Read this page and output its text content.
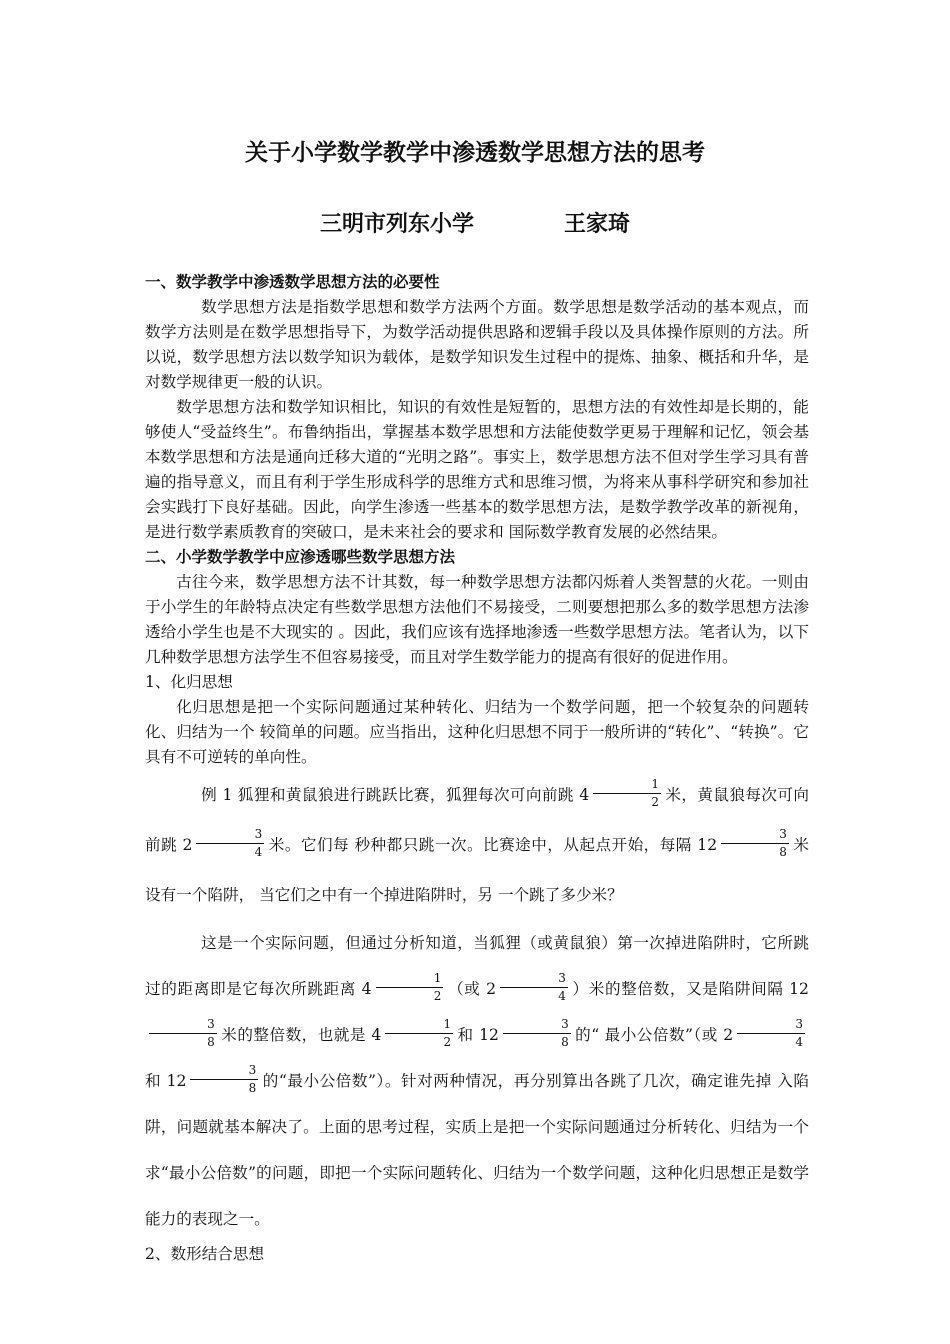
关于小学数学教学中渗透数学思想方法的思考
三明市列东小学	王家琦

一、数学教学中渗透数学思想方法的必要性

数学思想方法是指数学思想和数学方法两个方面。数学思想是数学活动的基本观点，而数学方法则是在数学思想指导下，为数学活动提供思路和逻辑手段以及具体操作原则的方法。所以说，数学思想方法以数学知识为载体，是数学知识发生过程中的提炼、抽象、概括和升华，是对数学规律更一般的认识。

数学思想方法和数学知识相比，知识的有效性是短暂的，思想方法的有效性却是长期的，能够使人“受益终生”。布鲁纳指出，掌握基本数学思想和方法能使数学更易于理解和记忆，领会基本数学思想和方法是通向迁移大道的“光明之路”。事实上，数学思想方法不但对学生学习具有普遍的指导意义，而且有利于学生形成科学的思维方式和思维习惯，为将来从事科学研究和参加社会实践打下良好基础。因此，向学生渗透一些基本的数学思想方法，是数学教学改革的新视角，是进行数学素质教育的突破口，是未来社会的要求和 国际数学教育发展的必然结果。

二、小学数学教学中应渗透哪些数学思想方法

古往今来，数学思想方法不计其数，每一种数学思想方法都闪烁着人类智慧的火花。一则由于小学生的年龄特点决定有些数学思想方法他们不易接受，二则要想把那么多的数学思想方法渗透给小学生也是不大现实的 。因此，我们应该有选择地渗透一些数学思想方法。笔者认为，以下几种数学思想方法学生不但容易接受，而且对学生数学能力的提高有很好的促进作用。

1、化归思想

化归思想是把一个实际问题通过某种转化、归结为一个数学问题，把一个较复杂的问题转化、归结为一个 较简单的问题。应当指出，这种化归思想不同于一般所讲的“转化”、“转换”。它具有不可逆转的单向性。

例 1 狐狸和黄鼠狼进行跳跃比赛，狐狸每次可向前跳 $4 \frac{1}{2}$ 米，黄鼠狼每次可向前跳 $2 \frac{3}{4}$ 米。它们每 秒种都只跳一次。比赛途中，从起点开始，每隔 $12 \frac{3}{8}$ 米设有一个陷阱， 当它们之中有一个掉进陷阱时，另 一个跳了多少米？

这是一个实际问题，但通过分析知道，当狐狸（或黄鼠狼）第一次掉进陷阱时，它所跳过的距离即是它每次所跳距离 $4 \frac{1}{2}$ （或 $2 \frac{3}{4}$ ）米的整倍数，又是陷阱间隔 12
$\frac{3}{8}$ 米的整倍数，也就是 $4 \frac{1}{2}$ 和 $12 \frac{3}{8}$ 的“ 最小公倍数”（或 $2 \frac{3}{4}$
和 $12 \frac{3}{8}$ 的“最小公倍数”）。针对两种情况，再分别算出各跳了几次，确定谁先掉 入陷阱，问题就基本解决了。上面的思考过程，实质上是把一个实际问题通过分析转化、归结为一个求“最小公倍数”的问题，即把一个实际问题转化、归结为一个数学问题，这种化归思想正是数学能力的表现之一。

2、数形结合思想
